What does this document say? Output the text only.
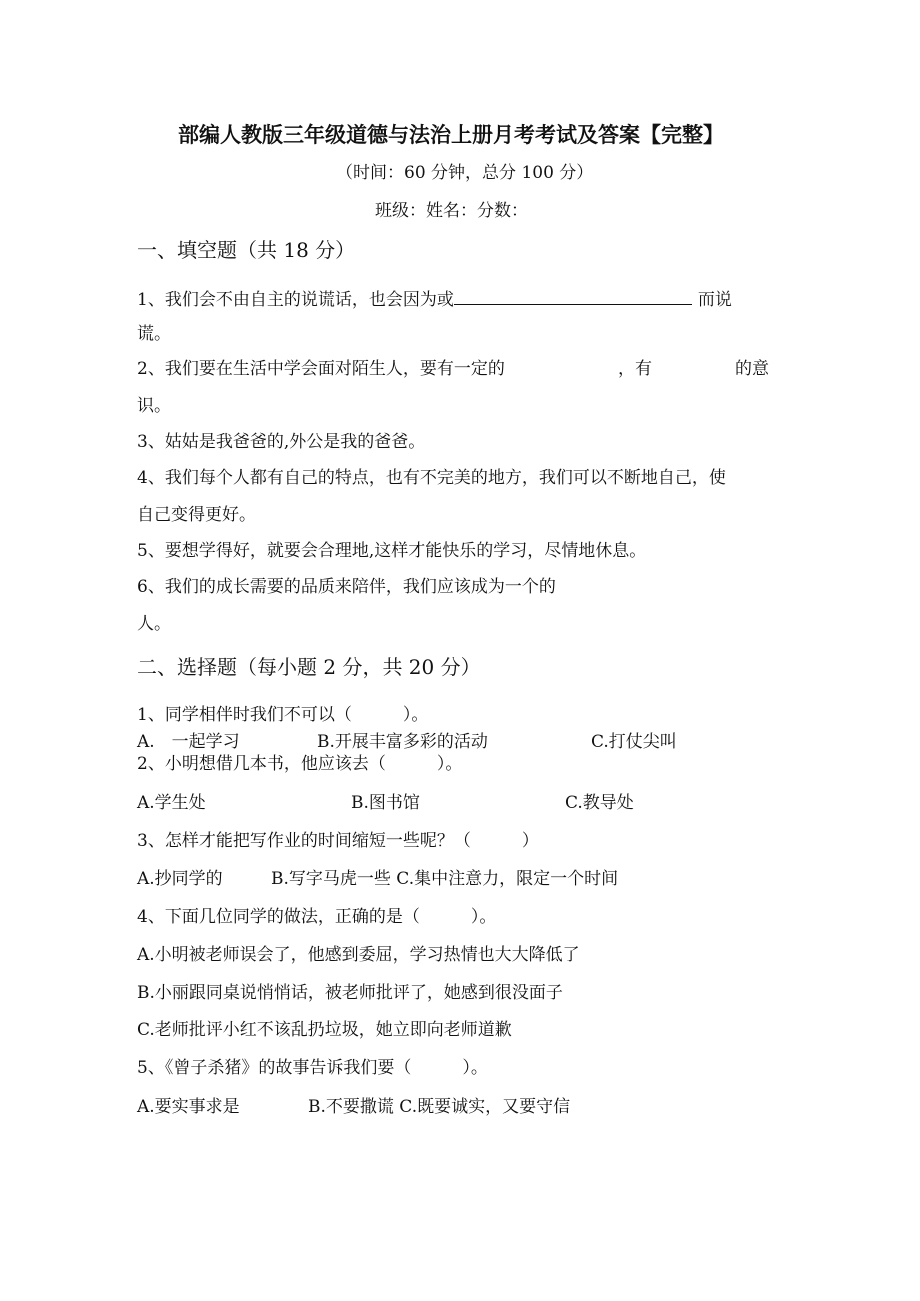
部编人教版三年级道德与法治上册月考考试及答案【完整】
（时间：60 分钟，总分 100 分）
班级：姓名：分数：
一、填空题（共 18 分）
1、我们会不由自主的说谎话，也会因为或	而说
谎。
2、我们要在生活中学会面对陌生人，要有一定的	，有	的意
识。
3、姑姑是我爸爸的,外公是我的爸爸。
4、我们每个人都有自己的特点，也有不完美的地方，我们可以不断地自己，使
自己变得更好。
5、要想学得好，就要会合理地,这样才能快乐的学习，尽情地休息。
6、我们的成长需要的品质来陪伴，我们应该成为一个的
人。
二、选择题（每小题 2 分，共 20 分）
1、同学相伴时我们不可以（　　　）。
A.　一起学习	B.开展丰富多彩的活动	C.打仗尖叫
2、小明想借几本书，他应该去（　　　）。
A.学生处	B.图书馆	C.教导处
3、怎样才能把写作业的时间缩短一些呢？（　　　）
A.抄同学的	B.写字马虎一些 C.集中注意力，限定一个时间
4、下面几位同学的做法，正确的是（　　　）。
A.小明被老师误会了，他感到委屈，学习热情也大大降低了
B.小丽跟同桌说悄悄话，被老师批评了，她感到很没面子
C.老师批评小红不该乱扔垃圾，她立即向老师道歉
5、《曾子杀猪》的故事告诉我们要（　　　）。
A.要实事求是	B.不要撒谎 C.既要诚实，又要守信
